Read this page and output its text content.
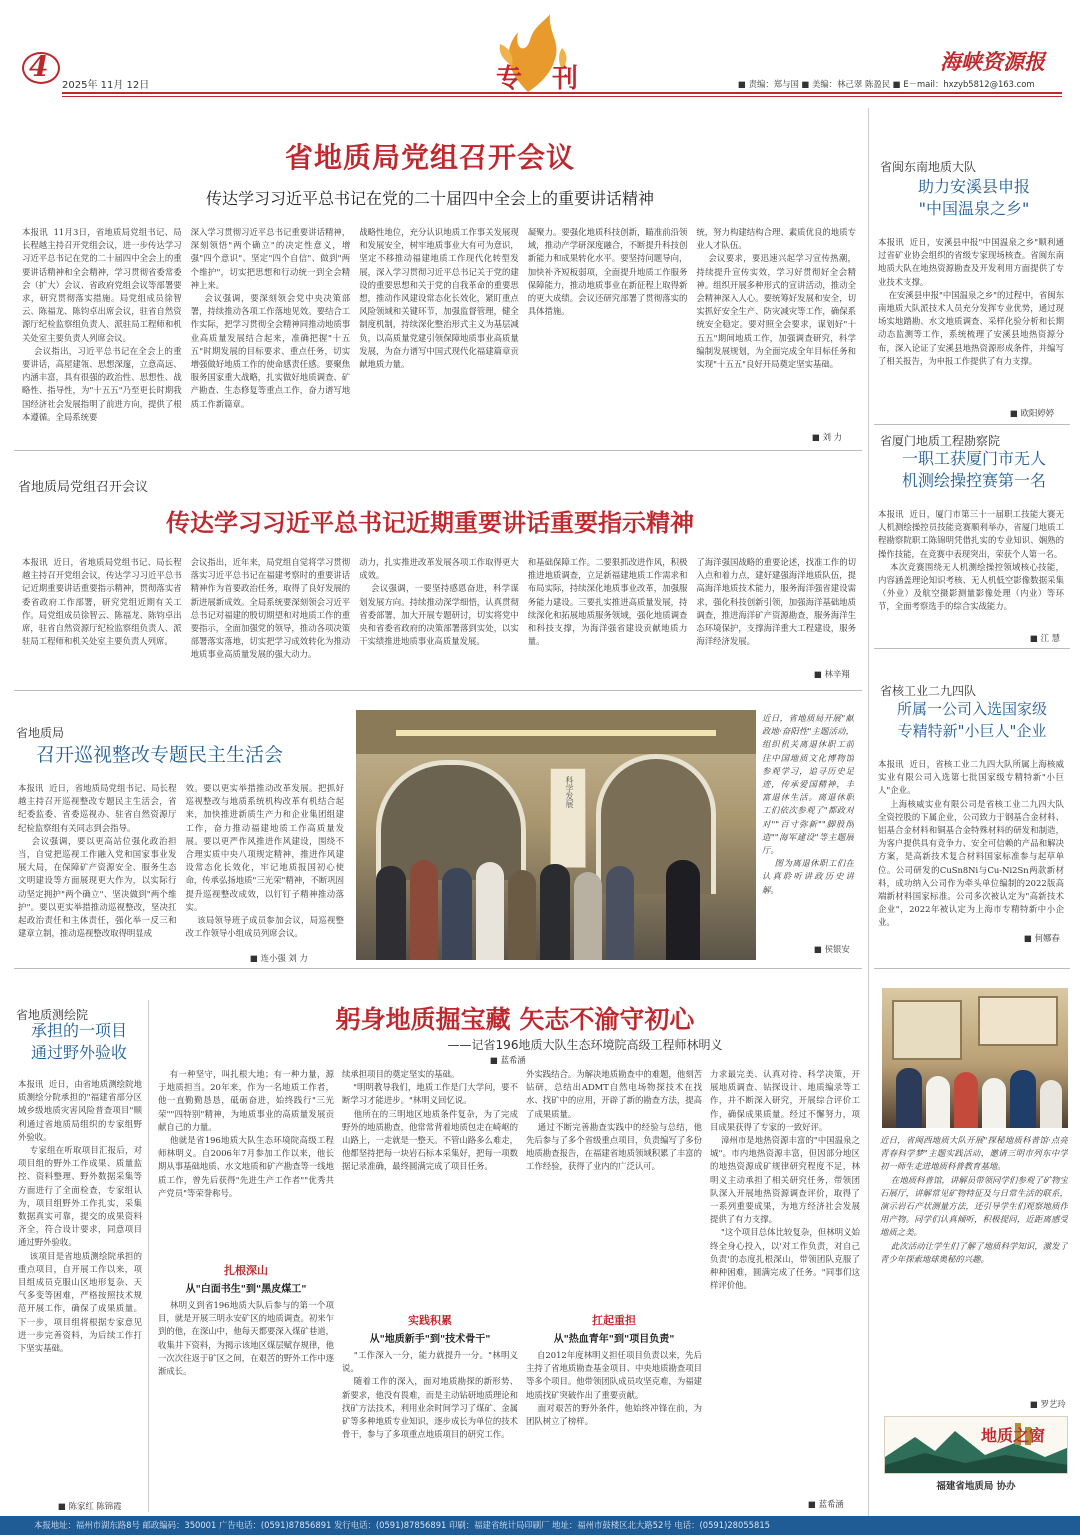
4
2025年 11月 12日	专 刊
海峡资源报
■ 责编：郑与国 ■ 美编：林己翠 陈盈民 ■ E－mail：hxzyb5812@163.com
省地质局党组召开会议
传达学习习近平总书记在党的二十届四中全会上的重要讲话精神
本报讯  11月3日，省地质局党组书记、局长程越主持召开党组会议，进一步传达学习习近平总书记在党的二十届四中全会上的重要讲话精神和全会精神，学习贯彻省委常委会（扩大）会议、省政府党组会议等部署要求，研究贯彻落实措施。局党组成员徐智云、陈福龙、陈钧卓出席会议，驻省自然资源厅纪检监察组负责人、派驻局工程师和机关处室主要负责人列席会议。
会议指出，习近平总书记在全会上的重要讲话，高屋建瓴、思想深邃，立意高远、内涵丰富，具有很强的政治性、思想性、战略性、指导性，为"十五五"乃至更长时期我国经济社会发展指明了前进方向，提供了根本遵循。全局系统要
深入学习贯彻习近平总书记重要讲话精神，深刻领悟"两个确立"的决定性意义，增强"四个意识"、坚定"四个自信"、做到"两个维护"，切实把思想和行动统一到全会精神上来。
会议强调，要深刻领会党中央决策部署，持续推动各项工作落地见效。要结合工作实际，把学习贯彻全会精神同推动地质事业高质量发展结合起来，准确把握"十五五"时期发展的目标要求、重点任务，切实增强做好地质工作的使命感责任感。要聚焦服务国家重大战略，扎实做好地质调查、矿产勘查、生态修复等重点工作，奋力谱写地质工作新篇章。
战略性地位，充分认识地质工作事关发展现和发展安全，树牢地质事业大有可为意识，坚定不移推动福建地质工作现代化转型发展，深入学习贯彻习近平总书记关于党的建设的重要思想和关于党的自我革命的重要思想，推动作风建设常态化长效化，紧盯重点风险领域和关键环节，加强监督管理，健全制度机制，持续深化整治形式主义为基层减负，以高质量党建引领保障地质事业高质量发展，为奋力谱写中国式现代化福建篇章贡献地质力量。
凝聚力。要强化地质科技创新，瞄准前沿领域，推动产学研深度融合，不断提升科技创新能力和成果转化水平。要坚持问题导向，加快补齐短板弱项，全面提升地质工作服务保障能力，推动地质事业在新征程上取得新的更大成绩。会议还研究部署了贯彻落实的具体措施。
统，努力构建结构合理、素质优良的地质专业人才队伍。
会议要求，要迅速兴起学习宣传热潮，持续提升宣传实效，学习好贯彻好全会精神。组织开展多种形式的宣讲活动，推动全会精神深入人心。要统筹好发展和安全，切实抓好安全生产、防灾减灾等工作，确保系统安全稳定。要对照全会要求，谋划好"十五五"期间地质工作，加强调查研究，科学编制发展规划，为全面完成全年目标任务和实现"十五五"良好开局奠定坚实基础。
■ 刘 力
省地质局党组召开会议
传达学习习近平总书记近期重要讲话重要指示精神
本报讯  近日，省地质局党组书记、局长程越主持召开党组会议，传达学习习近平总书记近期重要讲话重要指示精神，贯彻落实省委省政府工作部署，研究党组近期有关工作。局党组成员徐智云、陈福龙、陈钧卓出席，驻省自然资源厅纪检监察组负责人、派驻局工程师和机关处室主要负责人列席。
会议指出，近年来，局党组自觉将学习贯彻落实习近平总书记在福建考察时的重要讲话精神作为首要政治任务，取得了良好发展的新进展新成效。全局系统要深刻领会习近平总书记对福建的殷切期望和对地质工作的重要指示，全面加强党的领导，推动各项决策部署落实落地，切实把学习成效转化为推动地质事业高质量发展的强大动力。
动力，扎实推进改革发展各项工作取得更大成效。
会议强调，一要坚持感恩奋进，科学谋划发展方向。持续推动深学细悟，认真贯彻省委部署，加大开展专题研讨，切实将党中央和省委省政府的决策部署落到实处，以实干实绩推进地质事业高质量发展。
和基础保障工作。二要狠抓改进作风，积极推进地质调查，立足新福建地质工作需求和布局实际，持续深化地质事业改革，加强服务能力建设。三要扎实推进高质量发展，持续深化和拓展地质服务领域，强化地质调查和科技支撑，为海洋强省建设贡献地质力量。
了海洋强国战略的重要论述，找准工作的切入点和着力点，建好建强海洋地质队伍，提高海洋地质技术能力，服务海洋强省建设需求，强化科技创新引领，加强海洋基础地质调查，推进海洋矿产资源勘查，服务海洋生态环境保护，支撑海洋重大工程建设，服务海洋经济发展。
■ 林辛翔
省地质局
召开巡视整改专题民主生活会
本报讯  近日，省地质局党组书记、局长程越主持召开巡视整改专题民主生活会，省纪委监委、省委巡视办、驻省自然资源厅纪检监察组有关同志到会指导。
会议强调，要以更高站位强化政治担当，自觉把巡视工作融入党和国家事业发展大局，在保障矿产资源安全、服务生态文明建设等方面展现更大作为，以实际行动坚定拥护"两个确立"、坚决做到"两个维护"。要以更实举措推动巡视整改，坚决扛起政治责任和主体责任，强化举一反三和建章立制，推动巡视整改取得明显成
效。要以更实举措推动改革发展。把抓好巡视整改与地质系统机构改革有机结合起来，加快推进新质生产力和企业集团组建工作，奋力推动福建地质工作高质量发展。要以更严作风推进作风建设，围绕不合理实质中央八项规定精神，推进作风建设常态化长效化，牢记地质报国初心使命，传承弘扬地质"三光荣"精神，不断巩固提升巡视整改成效，以钉钉子精神推动落实。
该局领导班子成员参加会议，局巡视整改工作领导小组成员列席会议。
■ 连小强 刘 力
科学发展
近日，省地质局开展"献政地·奋阳性"主题活动，组织机关离退休职工前往中国地质文化博物馆参观学习，追寻历史足迹，传承爱国精神，丰富退休生活。离退休职工们依次参观了"都政对对""百寸弥新""脚股削造""海军建设"等主题展厅。
图为离退休职工们在认真聆听讲政历史讲解。
■ 侯银安
省地质测绘院
承担的一项目
通过野外验收
本报讯  近日，由省地质测绘院地质测绘分院承担的"福建省部分区域乡级地质灾害风险普查项目"顺利通过省地质局组织的专家组野外验收。
专家组在听取项目汇报后，对项目组的野外工作成果、质量监控、资料整理、野外数据采集等方面进行了全面检查，专家组认为，项目组野外工作扎实，采集数据真实可靠，提交的成果资料齐全，符合设计要求，同意项目通过野外验收。
该项目是省地质测绘院承担的重点项目，自开展工作以来，项目组成员克服山区地形复杂、天气多变等困难，严格按照技术规范开展工作，确保了成果质量。下一步，项目组将根据专家意见进一步完善资料，为后续工作打下坚实基础。
■ 陈家红 陈锦霞
躬身地质掘宝藏 矢志不渝守初心
——记省196地质大队生态环境院高级工程师林明义
■ 蓝希涵
有一种坚守，叫扎根大地；有一种力量，源于地质担当。20年来，作为一名地质工作者，他一直勤勤恳恳，砥砺奋进，始终践行"三光荣""四特别"精神，为地质事业的高质量发展贡献自己的力量。
他就是省196地质大队生态环境院高级工程师林明义。自2006年7月参加工作以来，他长期从事基础地质、水文地质和矿产勘查等一线地质工作，曾先后获得"先进生产工作者""优秀共产党员"等荣誉称号。
扎根深山
从"白面书生"到"黑皮煤工"
林明义到省196地质大队后参与的第一个项目，就是开展三明永安矿区的地质调查。初来乍到的他，在深山中，他每天都要深入煤矿巷道，收集井下资料，为揭示该地区煤层赋存规律，他一次次往返于矿区之间，在艰苦的野外工作中逐渐成长。
续承担项目的奠定坚实的基础。
"明明教导我们，地质工作是门大学问，要不断学习才能进步。"林明义回忆说。
他所在的三明地区地质条件复杂，为了完成野外的地质勘查，他常常背着地质包走在崎岖的山路上，一走就是一整天。不管山路多么难走，他都坚持把每一块岩石标本采集好，把每一项数据记录准确，最终圆满完成了项目任务。
实践积累
从"地质新手"到"技术骨干"
"工作深入一分，能力就提升一分。"林明义说。
随着工作的深入，面对地质勘探的新形势、新要求，他没有畏难，而是主动钻研地质理论和找矿方法技术，利用业余时间学习了煤矿、金属矿等多种地质专业知识，逐步成长为单位的技术骨干，参与了多项重点地质项目的研究工作。
外实践结合。为解决地质勘查中的难题，他刻苦钻研，总结出ADMT自然电场物探技术在找水、找矿中的应用，开辟了新的勘查方法，提高了成果质量。
通过不断完善勘查实践中的经验与总结，他先后参与了多个省级重点项目，负责编写了多份地质勘查报告，在福建省地质领域积累了丰富的工作经验，获得了业内的广泛认可。
扛起重担
从"热血青年"到"项目负责"
自2012年度林明义担任项目负责以来，先后主持了省地质勘查基金项目、中央地质勘查项目等多个项目。他带领团队成员攻坚克难，为福建地质找矿突破作出了重要贡献。
面对艰苦的野外条件，他始终冲锋在前，为团队树立了榜样。
力求最完美、认真对待、科学决策，开展地质调查、钻探设计、地质编录等工作，并不断深入研究，开展综合评价工作，确保成果质量。经过不懈努力，项目成果获得了专家的一致好评。
漳州市是地热资源丰富的"中国温泉之城"。市内地热资源丰富，但因部分地区的地热资源成矿规律研究程度不足，林明义主动承担了相关研究任务，带领团队深入开展地热资源调查评价，取得了一系列重要成果，为地方经济社会发展提供了有力支撑。
"这个项目总体比较复杂，但林明义始终全身心投入，以'对工作负责，对自己负责'的态度扎根深山，带领团队克服了种种困难，圆满完成了任务。"同事们这样评价他。
■ 蓝希涵
省闽东南地质大队
助力安溪县申报
"中国温泉之乡"
本报讯  近日，安溪县申报"中国温泉之乡"顺利通过省矿业协会组织的省级专家现场核查。省闽东南地质大队在地热资源勘查及开发利用方面提供了专业技术支撑。
在安溪县申报"中国温泉之乡"的过程中，省闽东南地质大队派技术人员充分发挥专业优势，通过现场实地踏勘、水文地质调查、采样化验分析和长期动态监测等工作，系统梳理了安溪县地热资源分布，深入论证了安溪县地热资源形成条件，并编写了相关报告，为申报工作提供了有力支撑。
■ 欧阳婷婷
省厦门地质工程勘察院
一职工获厦门市无人
机测绘操控赛第一名
本报讯  近日，厦门市第三十一届职工技能大赛无人机测绘操控员技能竞赛顺利举办，省厦门地质工程勘察院职工陈锦明凭借扎实的专业知识、娴熟的操作技能，在竞赛中表现突出，荣获个人第一名。
本次竞赛围绕无人机测绘操控领域核心技能，内容涵盖理论知识考核、无人机低空影像数据采集（外业）及航空摄影测量影像处理（内业）等环节，全面考察选手的综合实战能力。
■ 江 慧
省核工业二九四队
所属一公司入选国家级
专精特新"小巨人"企业
本报讯  近日，省核工业二九四大队所属上海核威实业有限公司入选第七批国家级专精特新"小巨人"企业。
上海核威实业有限公司是省核工业二九四大队全资控股的下属企业，公司致力于钢基合金材料、铝基合金材料和铜基合金特殊材料的研发和制造，为客户提供具有竞争力、安全可信赖的产品和解决方案，是高新技术复合材料国家标准参与起草单位。公司研发的CuSn8Ni与Cu-Ni2Sn两款新材料，成功纳入公司作为牵头单位编制的2022版高端新材料国家标准。公司多次被认定为"高新技术企业"，2022年被认定为上海市专精特新中小企业。
■ 何娜春
近日，省闽西地质大队开展"探秘地质科普馆·点亮青春科学梦"主题实践活动，邀请三明市列东中学初一师生走进地质科普教育基地。
在地质科普馆，讲解员带领同学们参观了矿物宝石展厅，讲解常见矿物特征及与日常生活的联系，演示岩石产状测量方法，还引导学生们观察地质作用产物。同学们认真倾听，积极提问，近距离感受地质之美。
此次活动让学生们了解了地质科学知识，激发了青少年探索地球奥秘的兴趣。
■ 罗艺玲
地质之窗
福建省地质局 协办
本报地址：福州市湖东路8号 邮政编码：350001 广告电话：(0591)87856891 发行电话：(0591)87856891 印刷：福建省统计局印刷厂 地址：福州市鼓楼区北大路52号 电话：(0591)28055815
